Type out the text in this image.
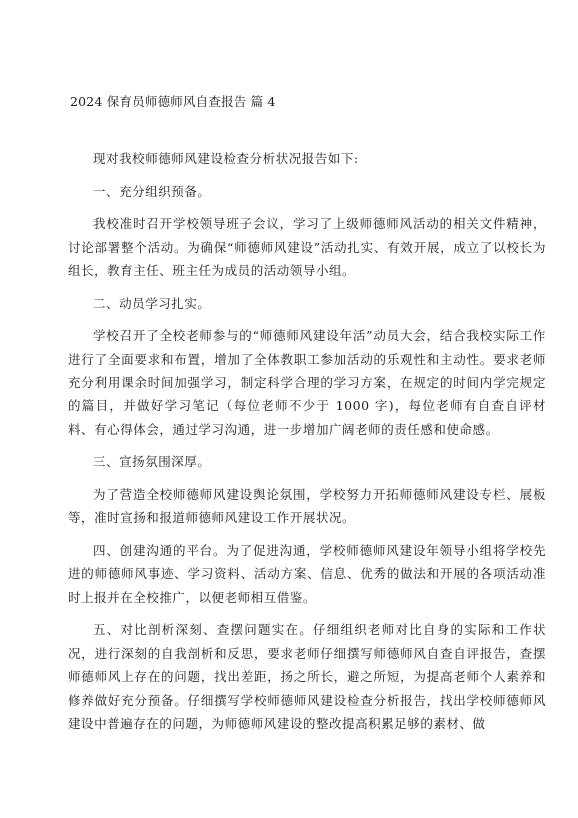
2024 保育员师德师风自查报告 篇 4

现对我校师德师风建设检查分析状况报告如下:

一、充分组织预备。

我校准时召开学校领导班子会议，学习了上级师德师风活动的相关文件精神，讨论部署整个活动。为确保“师德师风建设”活动扎实、有效开展，成立了以校长为组长，教育主任、班主任为成员的活动领导小组。

二、动员学习扎实。

学校召开了全校老师参与的“师德师风建设年活”动员大会，结合我校实际工作进行了全面要求和布置，增加了全体教职工参加活动的乐观性和主动性。要求老师充分利用课余时间加强学习，制定科学合理的学习方案，在规定的时间内学完规定的篇目，并做好学习笔记（每位老师不少于 1000 字)，每位老师有自查自评材料、有心得体会，通过学习沟通，进一步增加广阔老师的责任感和使命感。

三、宣扬氛围深厚。

为了营造全校师德师风建设舆论氛围，学校努力开拓师德师风建设专栏、展板等，准时宣扬和报道师德师风建设工作开展状况。

四、创建沟通的平台。为了促进沟通，学校师德师风建设年领导小组将学校先进的师德师风事迹、学习资料、活动方案、信息、优秀的做法和开展的各项活动准时上报并在全校推广，以便老师相互借鉴。

五、对比剖析深刻、查摆问题实在。仔细组织老师对比自身的实际和工作状况，进行深刻的自我剖析和反思，要求老师仔细撰写师德师风自查自评报告，查摆师德师风上存在的问题，找出差距，扬之所长，避之所短，为提高老师个人素养和修养做好充分预备。仔细撰写学校师德师风建设检查分析报告，找出学校师德师风建设中普遍存在的问题，为师德师风建设的整改提高积累足够的素材、做
